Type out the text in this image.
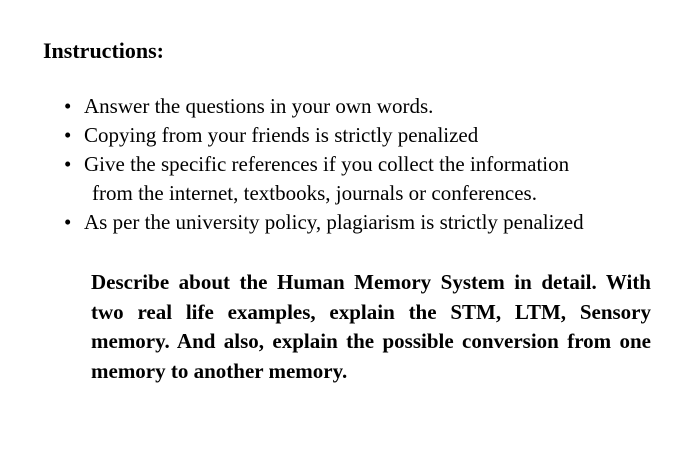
Instructions:
• Answer the questions in your own words.
• Copying from your friends is strictly penalized
• Give the specific references if you collect the information
from the internet, textbooks, journals or conferences.
• As per the university policy, plagiarism is strictly penalized

Describe about the Human Memory System in detail. With two real life examples, explain the STM, LTM, Sensory memory. And also, explain the possible conversion from one memory to another memory.
